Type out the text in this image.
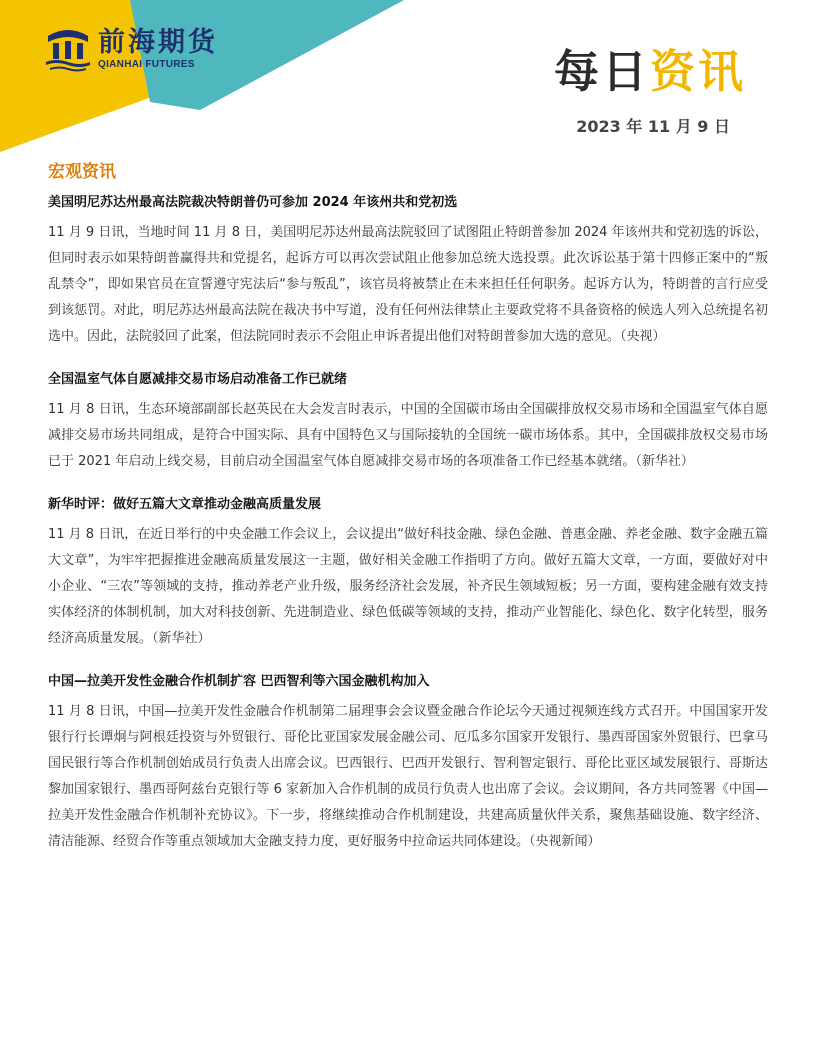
前海期货
QIANHAI FUTURES	每日资讯
2023 年 11 月 9 日
宏观资讯
美国明尼苏达州最高法院裁决特朗普仍可参加 2024 年该州共和党初选

11 月 9 日讯，当地时间 11 月 8 日，美国明尼苏达州最高法院驳回了试图阻止特朗普参加 2024 年该州共和党初选的诉讼，但同时表示如果特朗普赢得共和党提名，起诉方可以再次尝试阻止他参加总统大选投票。此次诉讼基于第十四修正案中的“叛乱禁令”，即如果官员在宣誓遵守宪法后“参与叛乱”，该官员将被禁止在未来担任任何职务。起诉方认为，特朗普的言行应受到该惩罚。对此，明尼苏达州最高法院在裁决书中写道，没有任何州法律禁止主要政党将不具备资格的候选人列入总统提名初选中。因此，法院驳回了此案，但法院同时表示不会阻止申诉者提出他们对特朗普参加大选的意见。（央视）

全国温室气体自愿减排交易市场启动准备工作已就绪

11 月 8 日讯，生态环境部副部长赵英民在大会发言时表示，中国的全国碳市场由全国碳排放权交易市场和全国温室气体自愿减排交易市场共同组成，是符合中国实际、具有中国特色又与国际接轨的全国统一碳市场体系。其中，全国碳排放权交易市场已于 2021 年启动上线交易，目前启动全国温室气体自愿减排交易市场的各项准备工作已经基本就绪。（新华社）

新华时评：做好五篇大文章推动金融高质量发展

11 月 8 日讯，在近日举行的中央金融工作会议上，会议提出“做好科技金融、绿色金融、普惠金融、养老金融、数字金融五篇大文章”，为牢牢把握推进金融高质量发展这一主题，做好相关金融工作指明了方向。做好五篇大文章，一方面，要做好对中小企业、“三农”等领域的支持，推动养老产业升级，服务经济社会发展，补齐民生领域短板；另一方面，要构建金融有效支持实体经济的体制机制，加大对科技创新、先进制造业、绿色低碳等领域的支持，推动产业智能化、绿色化、数字化转型，服务经济高质量发展。（新华社）

中国—拉美开发性金融合作机制扩容 巴西智利等六国金融机构加入

11 月 8 日讯，中国—拉美开发性金融合作机制第二届理事会会议暨金融合作论坛今天通过视频连线方式召开。中国国家开发银行行长谭炯与阿根廷投资与外贸银行、哥伦比亚国家发展金融公司、厄瓜多尔国家开发银行、墨西哥国家外贸银行、巴拿马国民银行等合作机制创始成员行负责人出席会议。巴西银行、巴西开发银行、智利智定银行、哥伦比亚区域发展银行、哥斯达黎加国家银行、墨西哥阿兹台克银行等 6 家新加入合作机制的成员行负责人也出席了会议。会议期间，各方共同签署《中国—拉美开发性金融合作机制补充协议》。下一步，将继续推动合作机制建设，共建高质量伙伴关系，聚焦基础设施、数字经济、清洁能源、经贸合作等重点领域加大金融支持力度，更好服务中拉命运共同体建设。（央视新闻）
